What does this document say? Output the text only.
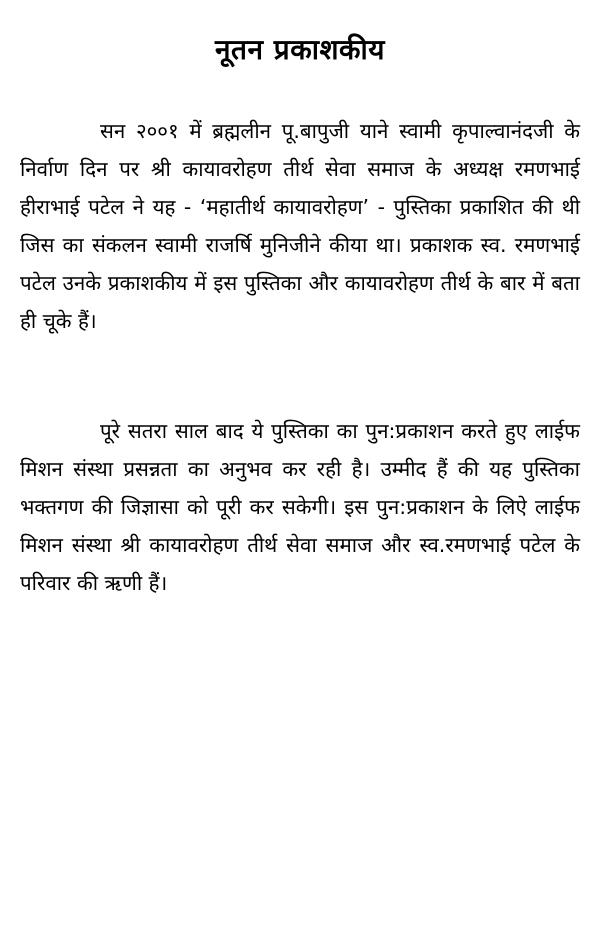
नूतन प्रकाशकीय

सन २००१ में ब्रह्मलीन पू.बापुजी याने स्वामी कृपाल्वानंदजी के निर्वाण दिन पर श्री कायावरोहण तीर्थ सेवा समाज के अध्यक्ष रमणभाई हीराभाई पटेल ने यह - ‘महातीर्थ कायावरोहण’ - पुस्तिका प्रकाशित की थी जिस का संकलन स्वामी राजर्षि मुनिजीने कीया था। प्रकाशक स्व. रमणभाई पटेल उनके प्रकाशकीय में इस पुस्तिका और कायावरोहण तीर्थ के बार में बता ही चूके हैं।

पूरे सतरा साल बाद ये पुस्तिका का पुन:प्रकाशन करते हुए लाईफ मिशन संस्था प्रसन्नता का अनुभव कर रही है। उम्मीद हैं की यह पुस्तिका भक्तगण की जिज्ञासा को पूरी कर सकेगी। इस पुन:प्रकाशन के लिऐ लाईफ मिशन संस्था श्री कायावरोहण तीर्थ सेवा समाज और स्व.रमणभाई पटेल के परिवार की ऋणी हैं।
